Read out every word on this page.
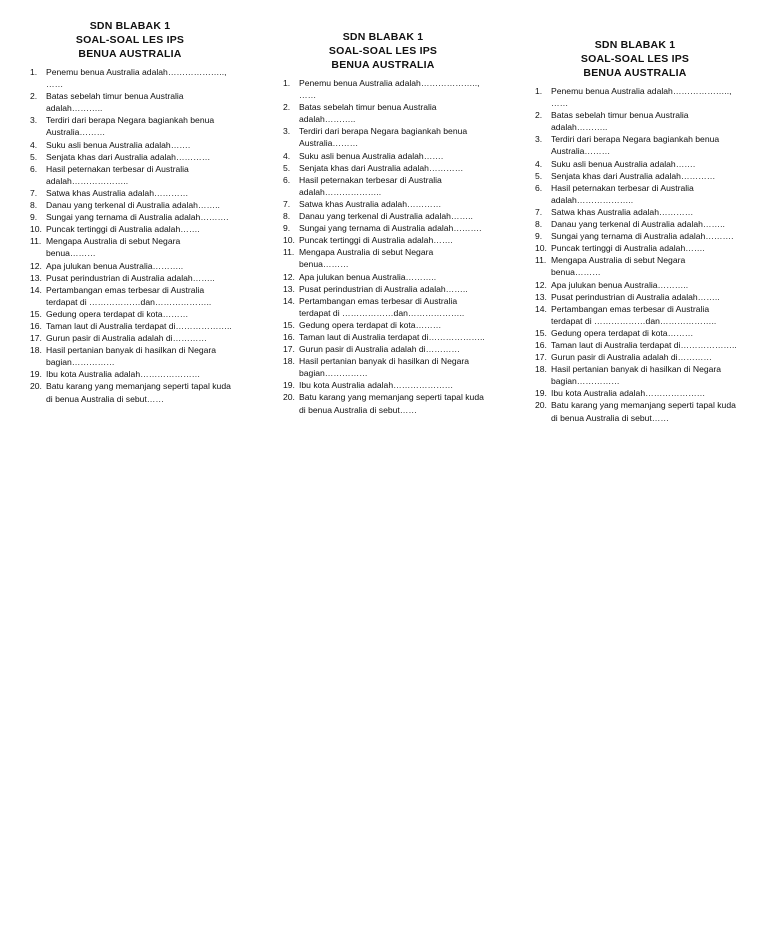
SDN BLABAK 1
SOAL-SOAL LES IPS
BENUA AUSTRALIA
1.	Penemu benua Australia adalah………………..,
……
2.	Batas sebelah timur benua Australia
adalah………..
3.	Terdiri dari berapa Negara bagiankah benua
Australia………
4.	Suku asli benua Australia adalah…….
5.	Senjata khas dari Australia adalah…………
6.	Hasil peternakan terbesar di Australia
adalah………………..
7.	Satwa khas Australia adalah…………
8.	Danau yang terkenal di Australia adalah……..
9.	Sungai yang ternama di Australia adalah……….
10. Puncak tertinggi di Australia adalah…….
11. Mengapa Australia di sebut Negara
benua………
12. Apa julukan benua Australia………..
13. Pusat perindustrian di Australia adalah……..
14. Pertambangan emas terbesar di Australia
terdapat di ………………dan………………..
15. Gedung opera terdapat di kota………
16. Taman laut di Australia terdapat di………………..
17. Gurun pasir di Australia adalah di…………
18. Hasil pertanian banyak di hasilkan di Negara
bagian……………
19. Ibu kota Australia adalah…………………
20. Batu karang yang memanjang seperti tapal kuda
di benua Australia di sebut……
SDN BLABAK 1
SOAL-SOAL LES IPS
BENUA AUSTRALIA
1.	Penemu benua Australia adalah………………..,
……
2.	Batas sebelah timur benua Australia
adalah………..
3.	Terdiri dari berapa Negara bagiankah benua
Australia………
4.	Suku asli benua Australia adalah…….
5.	Senjata khas dari Australia adalah…………
6.	Hasil peternakan terbesar di Australia
adalah………………..
7.	Satwa khas Australia adalah…………
8.	Danau yang terkenal di Australia adalah……..
9.	Sungai yang ternama di Australia adalah……….
10. Puncak tertinggi di Australia adalah…….
11. Mengapa Australia di sebut Negara
benua………
12. Apa julukan benua Australia………..
13. Pusat perindustrian di Australia adalah……..
14. Pertambangan emas terbesar di Australia
terdapat di ………………dan………………..
15. Gedung opera terdapat di kota………
16. Taman laut di Australia terdapat di………………..
17. Gurun pasir di Australia adalah di…………
18. Hasil pertanian banyak di hasilkan di Negara
bagian……………
19. Ibu kota Australia adalah…………………
20. Batu karang yang memanjang seperti tapal kuda
di benua Australia di sebut……
SDN BLABAK 1
SOAL-SOAL LES IPS
BENUA AUSTRALIA
1.	Penemu benua Australia adalah………………..,
……
2.	Batas sebelah timur benua Australia
adalah………..
3.	Terdiri dari berapa Negara bagiankah benua
Australia………
4.	Suku asli benua Australia adalah…….
5.	Senjata khas dari Australia adalah…………
6.	Hasil peternakan terbesar di Australia
adalah………………..
7.	Satwa khas Australia adalah…………
8.	Danau yang terkenal di Australia adalah……..
9.	Sungai yang ternama di Australia adalah……….
10. Puncak tertinggi di Australia adalah…….
11. Mengapa Australia di sebut Negara
benua………
12. Apa julukan benua Australia………..
13. Pusat perindustrian di Australia adalah……..
14. Pertambangan emas terbesar di Australia
terdapat di ………………dan………………..
15. Gedung opera terdapat di kota………
16. Taman laut di Australia terdapat di………………..
17. Gurun pasir di Australia adalah di…………
18. Hasil pertanian banyak di hasilkan di Negara
bagian……………
19. Ibu kota Australia adalah…………………
20. Batu karang yang memanjang seperti tapal kuda
di benua Australia di sebut……
